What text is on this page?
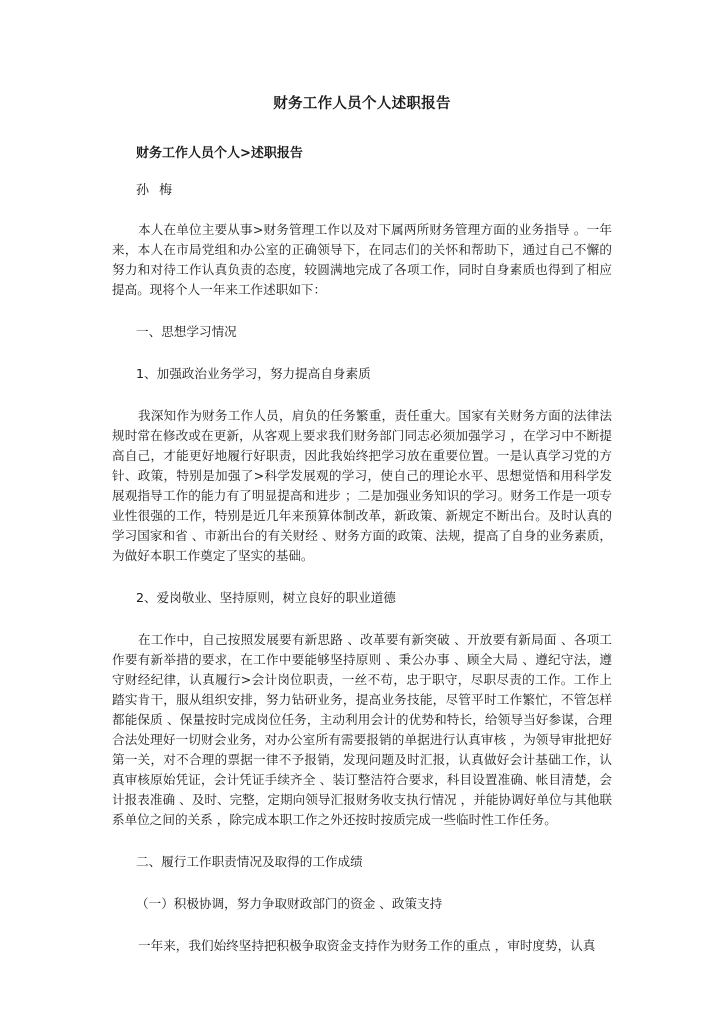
财务工作人员个人述职报告
财务工作人员个人>述职报告
孙 梅

本人在单位主要从事>财务管理工作以及对下属两所财务管理方面的业务指导 。一年来，本人在市局党组和办公室的正确领导下，在同志们的关怀和帮助下，通过自己不懈的努力和对待工作认真负责的态度，较圆满地完成了各项工作，同时自身素质也得到了相应提高。现将个人一年来工作述职如下：

一、思想学习情况
1、加强政治业务学习，努力提高自身素质

我深知作为财务工作人员，肩负的任务繁重，责任重大。国家有关财务方面的法律法规时常在修改或在更新，从客观上要求我们财务部门同志必须加强学习 ，在学习中不断提高自己，才能更好地履行好职责，因此我始终把学习放在重要位置。一是认真学习党的方针、政策，特别是加强了>科学发展观的学习，使自己的理论水平、思想觉悟和用科学发展观指导工作的能力有了明显提高和进步 ；二是加强业务知识的学习。财务工作是一项专业性很强的工作，特别是近几年来预算体制改革，新政策、新规定不断出台。及时认真的学习国家和省 、市新出台的有关财经 、财务方面的政策、法规，提高了自身的业务素质，为做好本职工作奠定了坚实的基础。

2、爱岗敬业、坚持原则，树立良好的职业道德

在工作中，自己按照发展要有新思路 、改革要有新突破 、开放要有新局面 、各项工作要有新举措的要求，在工作中要能够坚持原则 、秉公办事 、顾全大局 、遵纪守法，遵守财经纪律，认真履行>会计岗位职责，一丝不苟，忠于职守，尽职尽责的工作。工作上踏实肯干，服从组织安排，努力钻研业务，提高业务技能，尽管平时工作繁忙，不管怎样都能保质 、保量按时完成岗位任务，主动利用会计的优势和特长，给领导当好参谋，合理合法处理好一切财会业务，对办公室所有需要报销的单据进行认真审核 ，为领导审批把好第一关，对不合理的票据一律不予报销，发现问题及时汇报，认真做好会计基础工作，认真审核原始凭证，会计凭证手续齐全 、装订整洁符合要求，科目设置准确、帐目清楚，会计报表准确 、及时、完整，定期向领导汇报财务收支执行情况 ，并能协调好单位与其他联系单位之间的关系 ，除完成本职工作之外还按时按质完成一些临时性工作任务。

二、履行工作职责情况及取得的工作成绩
（一）积极协调，努力争取财政部门的资金 、政策支持

一年来，我们始终坚持把积极争取资金支持作为财务工作的重点 ，审时度势，认真
